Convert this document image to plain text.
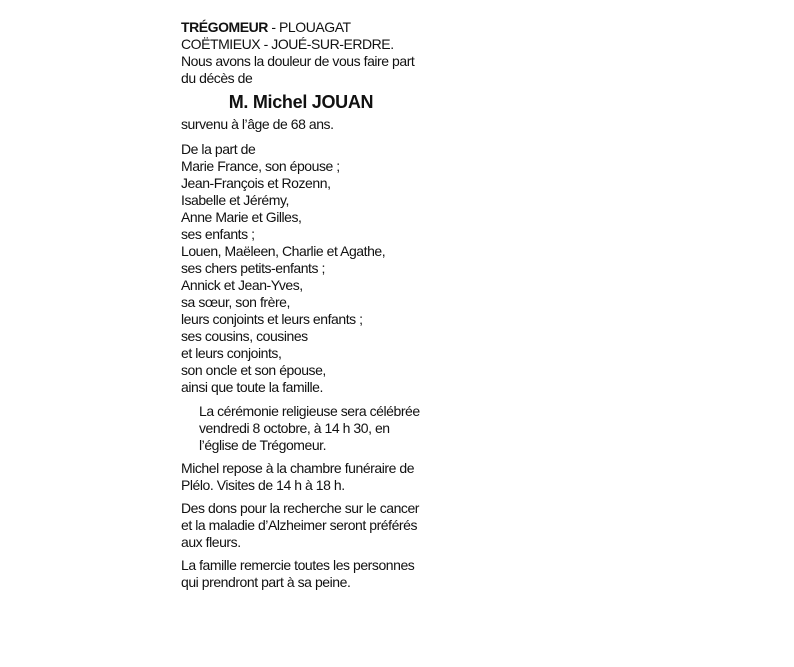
TRÉGOMEUR - PLOUAGAT COËTMIEUX - JOUÉ-SUR-ERDRE.

Nous avons la douleur de vous faire part du décès de

M. Michel JOUAN

survenu à l’âge de 68 ans.

De la part de
Marie France, son épouse ;
Jean-François et Rozenn,
Isabelle et Jérémy,
Anne Marie et Gilles,
ses enfants ;
Louen, Maëleen, Charlie et Agathe,
ses chers petits-enfants ;
Annick et Jean-Yves,
sa sœur, son frère,
leurs conjoints et leurs enfants ;
ses cousins, cousines
et leurs conjoints,
son oncle et son épouse,
ainsi que toute la famille.

La cérémonie religieuse sera célébrée vendredi 8 octobre, à 14 h 30, en l’église de Trégomeur.

Michel repose à la chambre funéraire de Plélo. Visites de 14 h à 18 h.

Des dons pour la recherche sur le cancer et la maladie d’Alzheimer seront préférés aux fleurs.

La famille remercie toutes les personnes qui prendront part à sa peine.
